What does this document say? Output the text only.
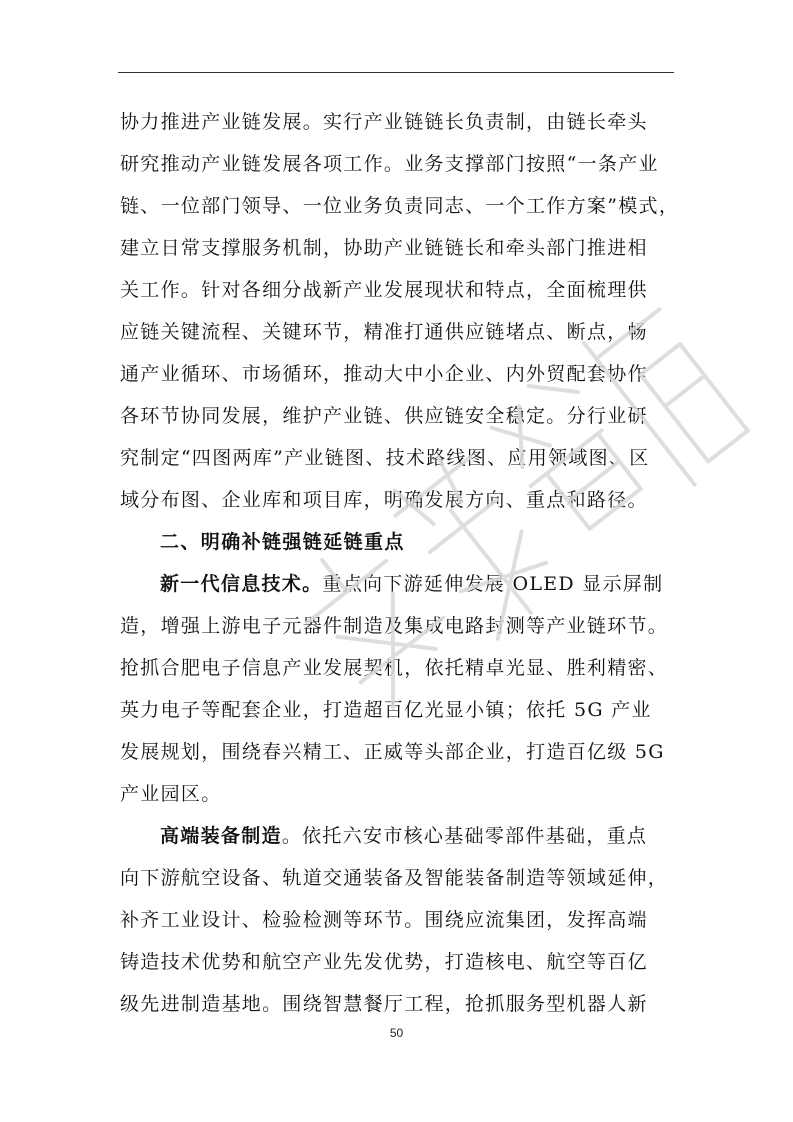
协力推进产业链发展。实行产业链链长负责制，由链长牵头
研究推动产业链发展各项工作。业务支撑部门按照“一条产业
链、一位部门领导、一位业务负责同志、一个工作方案”模式，
建立日常支撑服务机制，协助产业链链长和牵头部门推进相
关工作。针对各细分战新产业发展现状和特点，全面梳理供
应链关键流程、关键环节，精准打通供应链堵点、断点，畅
通产业循环、市场循环，推动大中小企业、内外贸配套协作
各环节协同发展，维护产业链、供应链安全稳定。分行业研
究制定“四图两库”产业链图、技术路线图、应用领域图、区
域分布图、企业库和项目库，明确发展方向、重点和路径。
二、明确补链强链延链重点
新一代信息技术。重点向下游延伸发展 OLED 显示屏制
造，增强上游电子元器件制造及集成电路封测等产业链环节。
抢抓合肥电子信息产业发展契机，依托精卓光显、胜利精密、
英力电子等配套企业，打造超百亿光显小镇；依托 5G 产业
发展规划，围绕春兴精工、正威等头部企业，打造百亿级 5G
产业园区。
高端装备制造。依托六安市核心基础零部件基础，重点
向下游航空设备、轨道交通装备及智能装备制造等领域延伸，
补齐工业设计、检验检测等环节。围绕应流集团，发挥高端
铸造技术优势和航空产业先发优势，打造核电、航空等百亿
级先进制造基地。围绕智慧餐厅工程，抢抓服务型机器人新
50
